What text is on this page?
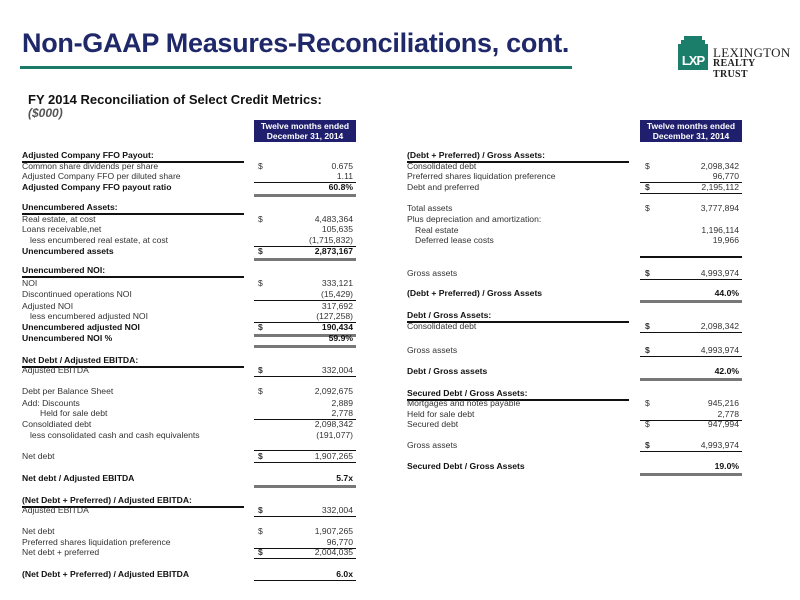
Non-GAAP Measures-Reconciliations, cont.
LXP
LEXINGTON
REALTY TRUST
FY 2014 Reconciliation of Select Credit Metrics:
($000)
Twelve months ended
December 31, 2014
Twelve months ended
December 31, 2014
Adjusted Company FFO Payout:
Common share dividends per share	$	0.675
Adjusted Company FFO per diluted share	1.11
Adjusted Company FFO payout ratio	60.8%
Unencumbered Assets:
Real estate, at cost	$	4,483,364
Loans receivable,net	105,635
less encumbered real estate, at cost	(1,715,832)
Unencumbered assets	$	2,873,167
Unencumbered NOI:
NOI	$	333,121
Discontinued operations NOI	(15,429)
Adjusted NOI	317,692
less encumbered adjusted NOI	(127,258)
Unencumbered adjusted NOI	$	190,434
Unencumbered NOI %	59.9%
Net Debt / Adjusted EBITDA:
Adjusted EBITDA	$	332,004
Debt per Balance Sheet	$	2,092,675
Add: Discounts	2,889
Held for sale debt	2,778
Consoldiated debt	2,098,342
less consolidated cash and cash equivalents	(191,077)
Net debt	$	1,907,265
Net debt / Adjusted EBITDA	5.7x
(Net Debt + Preferred) / Adjusted EBITDA:
Adjusted EBITDA	$	332,004
Net debt	$	1,907,265
Preferred shares liquidation preference	96,770
Net debt + preferred	$	2,004,035
(Net Debt + Preferred) / Adjusted EBITDA	6.0x
(Debt + Preferred) / Gross Assets:
Consolidated debt	$	2,098,342
Preferred shares liquidation preference	96,770
Debt and preferred	$	2,195,112
Total assets	$	3,777,894
Plus depreciation and amortization:
Real estate	1,196,114
Deferred lease costs	19,966
Gross assets	$	4,993,974
(Debt + Preferred) / Gross Assets	44.0%
Debt / Gross Assets:
Consolidated debt	$	2,098,342
Gross assets	$	4,993,974
Debt / Gross assets	42.0%
Secured Debt / Gross Assets:
Mortgages and notes payable	$	945,216
Held for sale debt	2,778
Secured debt	$	947,994
Gross assets	$	4,993,974
Secured Debt / Gross Assets	19.0%
